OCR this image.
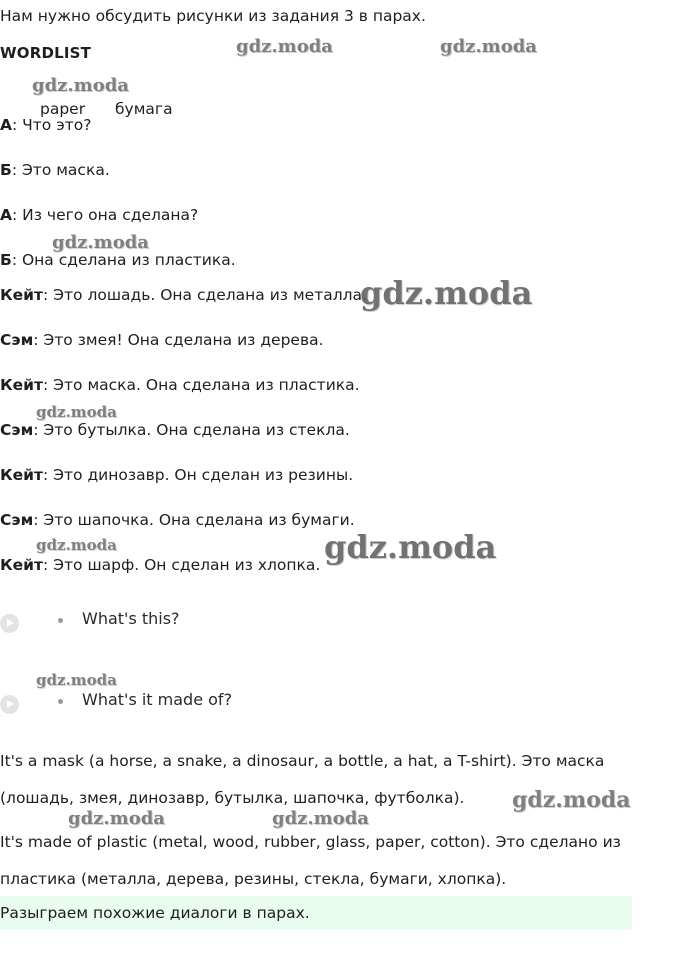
Нам нужно обсудить рисунки из задания 3 в парах.
WORDLIST
paper бумага
А: Что это?
Б: Это маска.
А: Из чего она сделана?
Б: Она сделана из пластика.
Кейт: Это лошадь. Она сделана из металла.
Сэм: Это змея! Она сделана из дерева.
Кейт: Это маска. Она сделана из пластика.
Сэм: Это бутылка. Она сделана из стекла.
Кейт: Это динозавр. Он сделан из резины.
Сэм: Это шапочка. Она сделана из бумаги.
Кейт: Это шарф. Он сделан из хлопка.
What's this?
What's it made of?
It's a mask (a horse, a snake, a dinosaur, a bottle, a hat, a T-shirt). Это маска
(лошадь, змея, динозавр, бутылка, шапочка, футболка).
It's made of plastic (metal, wood, rubber, glass, paper, cotton). Это сделано из
пластика (металла, дерева, резины, стекла, бумаги, хлопка).
Разыграем похожие диалоги в парах.
gdz.moda	gdz.moda
gdz.moda
gdz.moda
gdz.moda
gdz.moda
gdz.moda	gdz.moda
gdz.moda
gdz.moda
gdz.moda	gdz.moda
